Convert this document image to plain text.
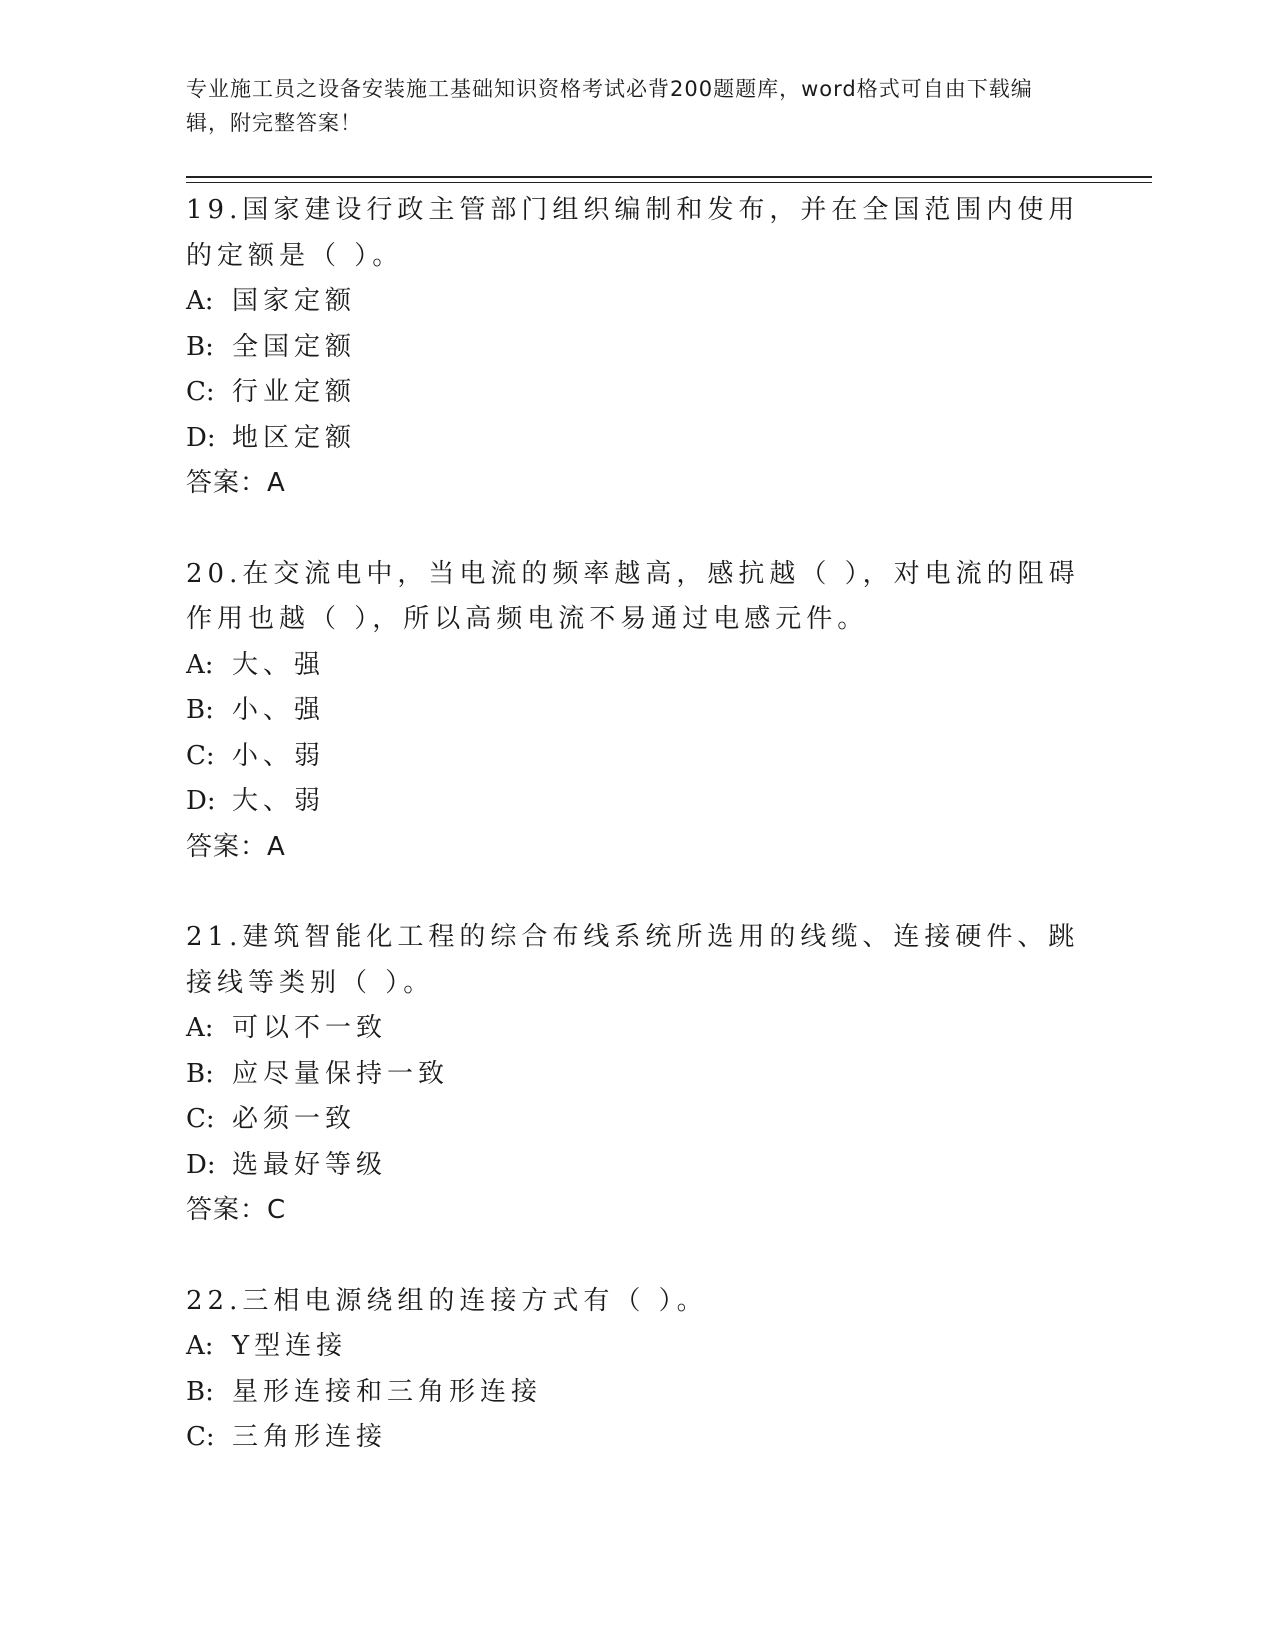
专业施工员之设备安装施工基础知识资格考试必背200题题库，word格式可自由下载编辑，附完整答案！

19.国家建设行政主管部门组织编制和发布，并在全国范围内使用的定额是（ ）。

A: 国家定额

B: 全国定额

C: 行业定额

D: 地区定额

答案：A

20.在交流电中，当电流的频率越高，感抗越（ ），对电流的阻碍作用也越（ ），所以高频电流不易通过电感元件。

A: 大、强

B: 小、强

C: 小、弱

D: 大、弱

答案：A

21.建筑智能化工程的综合布线系统所选用的线缆、连接硬件、跳接线等类别（ ）。

A: 可以不一致

B: 应尽量保持一致

C: 必须一致

D: 选最好等级

答案：C

22.三相电源绕组的连接方式有（ ）。

A: Y型连接

B: 星形连接和三角形连接

C: 三角形连接
